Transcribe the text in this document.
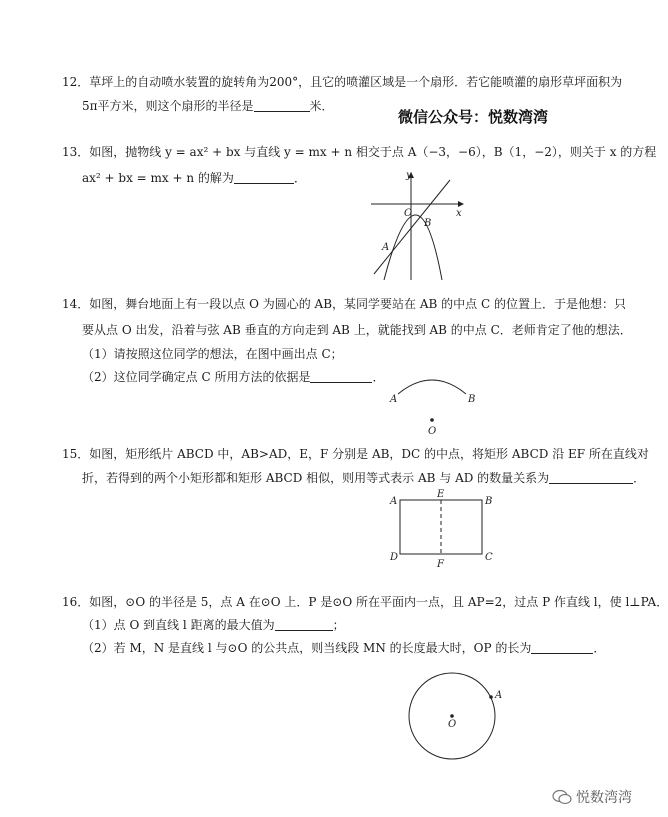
12．草坪上的自动喷水装置的旋转角为200°，且它的喷灌区域是一个扇形．若它能喷灌的扇形草坪面积为
5π平方米，则这个扇形的半径是	米．
微信公众号：悦数湾湾
13．如图，抛物线 y = ax² + bx 与直线 y = mx + n 相交于点 A（−3，−6），B（1，−2），则关于 x 的方程
ax² + bx = mx + n 的解为	．	y
x
O
A
B
14．如图，舞台地面上有一段以点 O 为圆心的 AB，某同学要站在 AB 的中点 C 的位置上．于是他想：只
要从点 O 出发，沿着与弦 AB 垂直的方向走到 AB 上，就能找到 AB 的中点 C．老师肯定了他的想法．
（1）请按照这位同学的想法，在图中画出点 C；
（2）这位同学确定点 C 所用方法的依据是	．
A	B
O
15．如图，矩形纸片 ABCD 中，AB>AD，E，F 分别是 AB，DC 的中点，将矩形 ABCD 沿 EF 所在直线对
折，若得到的两个小矩形都和矩形 ABCD 相似，则用等式表示 AB 与 AD 的数量关系为	．
A	B
C
D
E
F
16．如图，⊙O 的半径是 5，点 A 在⊙O 上．P 是⊙O 所在平面内一点，且 AP=2，过点 P 作直线 l，使 l⊥PA．
（1）点 O 到直线 l 距离的最大值为	；
（2）若 M，N 是直线 l 与⊙O 的公共点，则当线段 MN 的长度最大时，OP 的长为	．
O
A
悦数湾湾
